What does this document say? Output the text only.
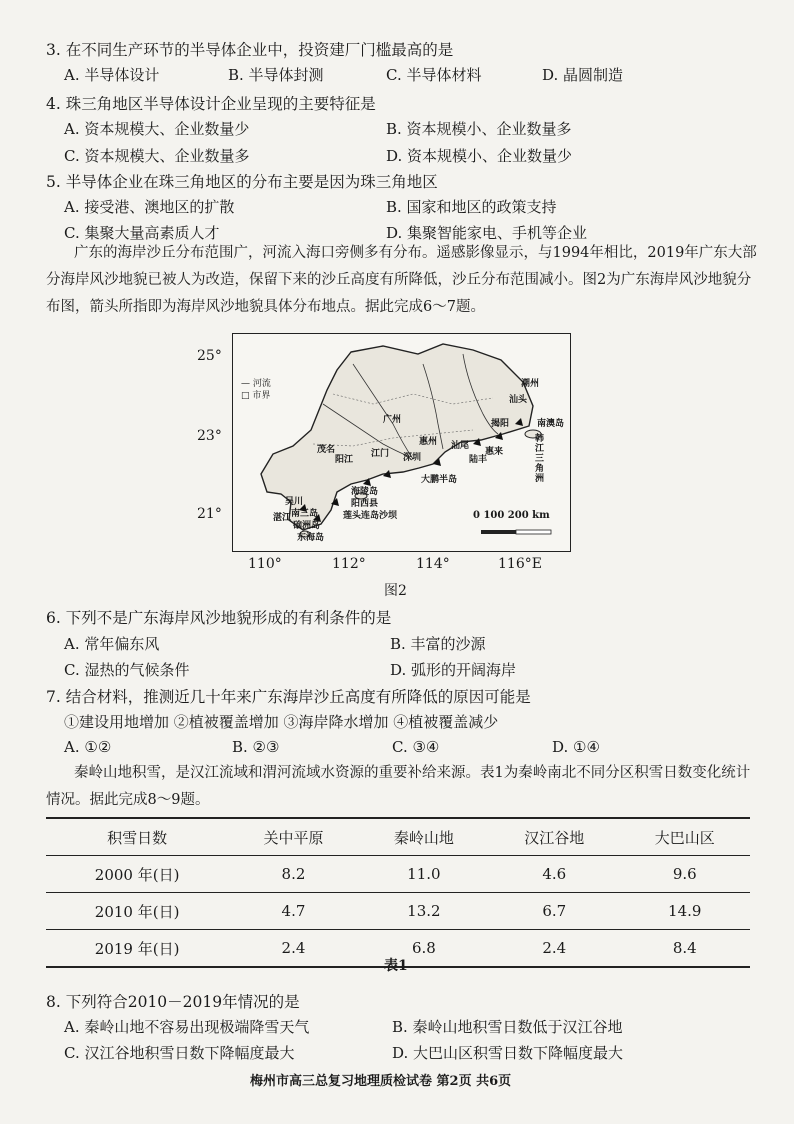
3. 在不同生产环节的半导体企业中，投资建厂门槛最高的是
A. 半导体设计	B. 半导体封测	C. 半导体材料	D. 晶圆制造
4. 珠三角地区半导体设计企业呈现的主要特征是
A. 资本规模大、企业数量少	B. 资本规模小、企业数量多
C. 资本规模大、企业数量多	D. 资本规模小、企业数量少
5. 半导体企业在珠三角地区的分布主要是因为珠三角地区
A. 接受港、澳地区的扩散	B. 国家和地区的政策支持
C. 集聚大量高素质人才	D. 集聚智能家电、手机等企业
广东的海岸沙丘分布范围广，河流入海口旁侧多有分布。遥感影像显示，与1994年相比，2019年广东大部分海岸风沙地貌已被人为改造，保留下来的沙丘高度有所降低，沙丘分布范围减小。图2为广东海岸风沙地貌分布图，箭头所指即为海岸风沙地貌具体分布地点。据此完成6～7题。
25°
23°
21°
— 河流
□ 市界
0 100 200 km
茂名
阳江
江门
广州
汕尾
揭阳
汕头
潮州
南澳岛
韩江三角洲
惠来
陆丰
海陵岛
大鹏半岛
阳西县
莲头连岛沙坝
吴川
南三岛
硇洲岛
东海岛
湛江
深圳
惠州
110°	112°	114°	116°E
图2
6. 下列不是广东海岸风沙地貌形成的有利条件的是
A. 常年偏东风	B. 丰富的沙源
C. 湿热的气候条件	D. 弧形的开阔海岸
7. 结合材料，推测近几十年来广东海岸沙丘高度有所降低的原因可能是
①建设用地增加 ②植被覆盖增加 ③海岸降水增加 ④植被覆盖减少
A. ①②	B. ②③	C. ③④	D. ①④
秦岭山地积雪，是汉江流域和渭河流域水资源的重要补给来源。表1为秦岭南北不同分区积雪日数变化统计情况。据此完成8～9题。
积雪日数	关中平原	秦岭山地	汉江谷地	大巴山区
2000 年(日)	8.2	11.0	4.6	9.6
2010 年(日)	4.7	13.2	6.7	14.9
2019 年(日)	2.4	6.8	2.4	8.4
表1
8. 下列符合2010－2019年情况的是
A. 秦岭山地不容易出现极端降雪天气	B. 秦岭山地积雪日数低于汉江谷地
C. 汉江谷地积雪日数下降幅度最大	D. 大巴山区积雪日数下降幅度最大
梅州市高三总复习地理质检试卷 第2页 共6页
